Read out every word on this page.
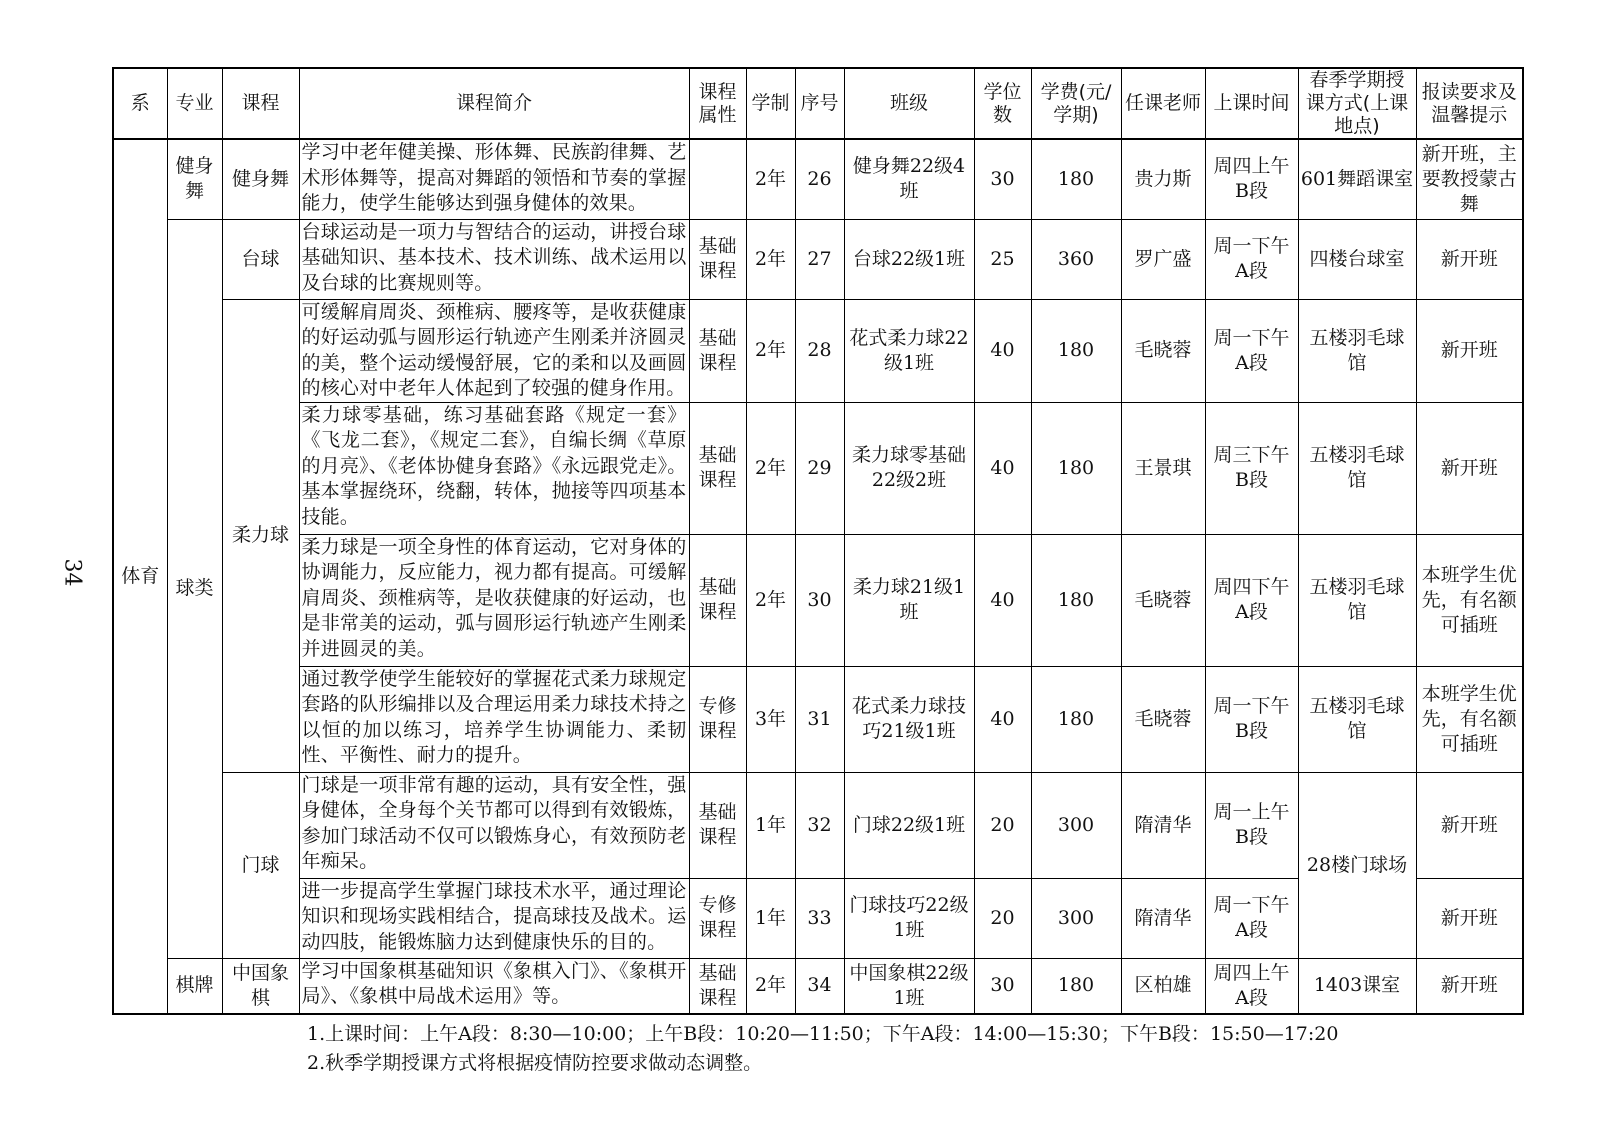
34
系	专业	课程	课程简介	课程属性	学制	序号	班级	学位数	学费(元/学期)	任课老师	上课时间	春季学期授课方式(上课地点)	报读要求及温馨提示
体育	健身舞	健身舞	学习中老年健美操、形体舞、民族韵律舞、艺术形体舞等，提高对舞蹈的领悟和节奏的掌握能力，使学生能够达到强身健体的效果。		2年	26	健身舞22级4班	30	180	贵力斯	周四上午B段	601舞蹈课室	新开班，主要教授蒙古舞
	球类	台球	台球运动是一项力与智结合的运动，讲授台球基础知识、基本技术、技术训练、战术运用以及台球的比赛规则等。	基础课程	2年	27	台球22级1班	25	360	罗广盛	周一下午A段	四楼台球室	新开班
		柔力球	可缓解肩周炎、颈椎病、腰疼等，是收获健康的好运动弧与圆形运行轨迹产生刚柔并济圆灵的美，整个运动缓慢舒展，它的柔和以及画圆的核心对中老年人体起到了较强的健身作用。	基础课程	2年	28	花式柔力球22级1班	40	180	毛晓蓉	周一下午A段	五楼羽毛球馆	新开班
			柔力球零基础，练习基础套路《规定一套》《飞龙二套》，《规定二套》，自编长绸《草原的月亮》、《老体协健身套路》《永远跟党走》。基本掌握绕环，绕翻，转体，抛接等四项基本技能。	基础课程	2年	29	柔力球零基础22级2班	40	180	王景琪	周三下午B段	五楼羽毛球馆	新开班
			柔力球是一项全身性的体育运动，它对身体的协调能力，反应能力，视力都有提高。可缓解肩周炎、颈椎病等，是收获健康的好运动，也是非常美的运动，弧与圆形运行轨迹产生刚柔并进圆灵的美。	基础课程	2年	30	柔力球21级1班	40	180	毛晓蓉	周四下午A段	五楼羽毛球馆	本班学生优先，有名额可插班
			通过教学使学生能较好的掌握花式柔力球规定套路的队形编排以及合理运用柔力球技术持之以恒的加以练习，培养学生协调能力、柔韧性、平衡性、耐力的提升。	专修课程	3年	31	花式柔力球技巧21级1班	40	180	毛晓蓉	周一下午B段	五楼羽毛球馆	本班学生优先，有名额可插班
		门球	门球是一项非常有趣的运动，具有安全性，强身健体，全身每个关节都可以得到有效锻炼，参加门球活动不仅可以锻炼身心，有效预防老年痴呆。	基础课程	1年	32	门球22级1班	20	300	隋清华	周一上午B段	28楼门球场	新开班
			进一步提高学生掌握门球技术水平，通过理论知识和现场实践相结合，提高球技及战术。运动四肢，能锻炼脑力达到健康快乐的目的。	专修课程	1年	33	门球技巧22级1班	20	300	隋清华	周一下午A段		新开班
	棋牌	中国象棋	学习中国象棋基础知识《象棋入门》、《象棋开局》、《象棋中局战术运用》等。	基础课程	2年	34	中国象棋22级1班	30	180	区柏雄	周四上午A段	1403课室	新开班

1.上课时间：上午A段：8:30—10:00；上午B段：10:20—11:50；下午A段：14:00—15:30；下午B段：15:50—17:20

2.秋季学期授课方式将根据疫情防控要求做动态调整。
